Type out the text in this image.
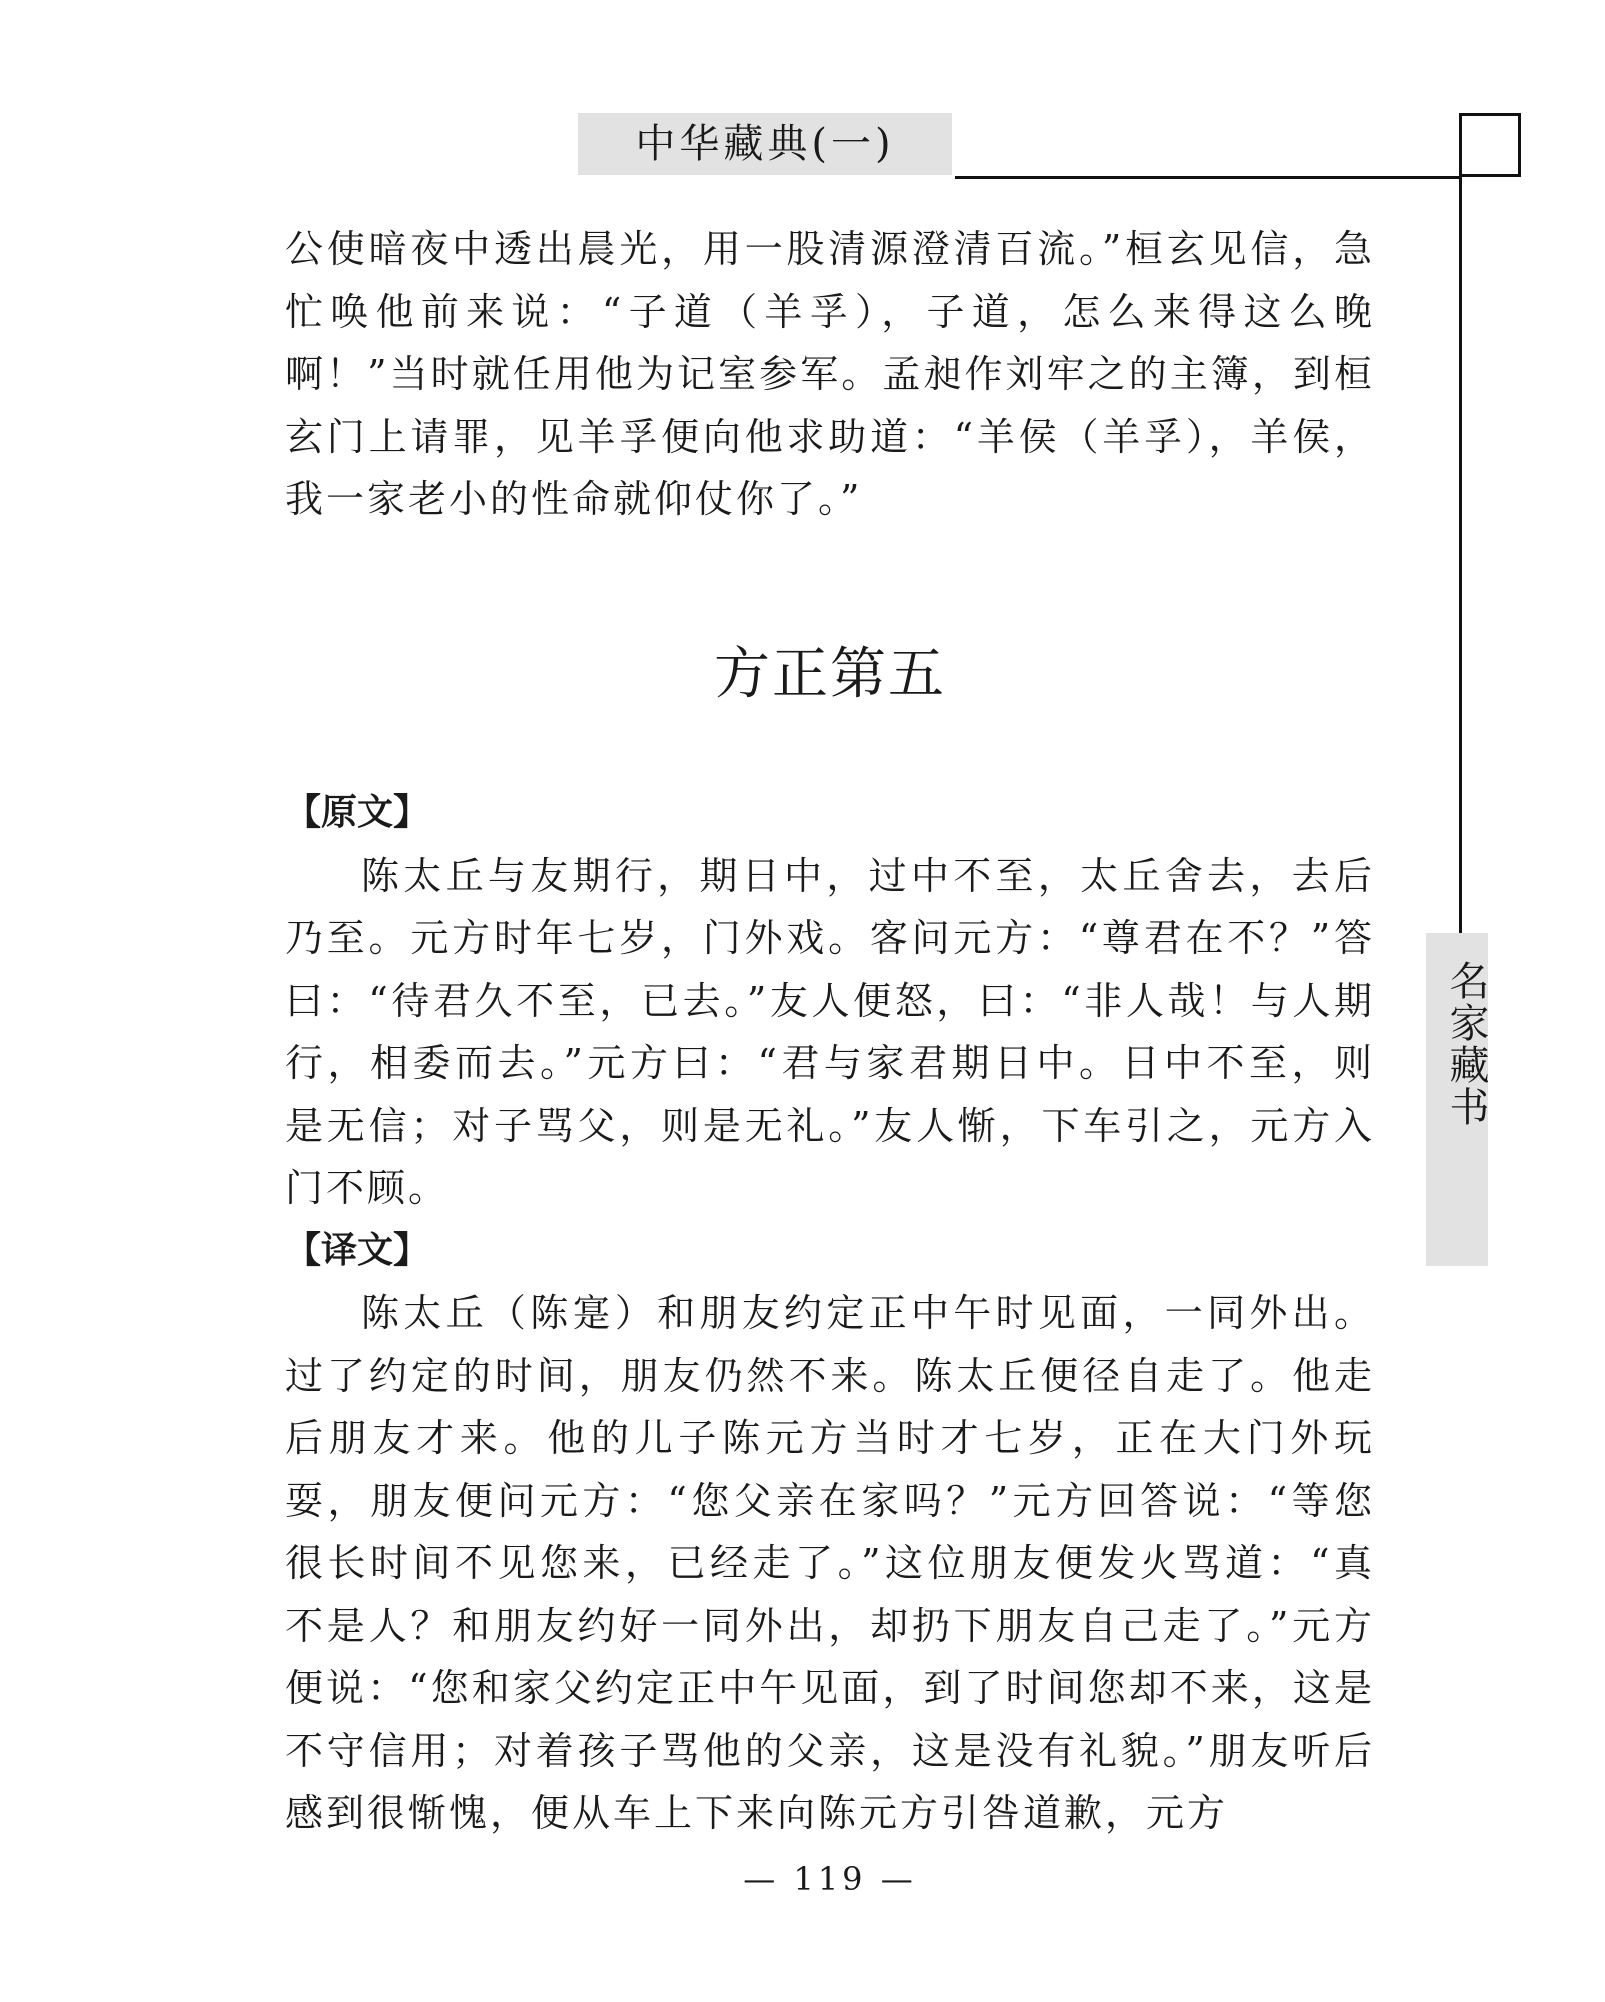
中华藏典(一)
名家藏书

公使暗夜中透出晨光，用一股清源澄清百流。”桓玄见信，急忙唤他前来说：“子道（羊孚），子道，怎么来得这么晚啊！”当时就任用他为记室参军。孟昶作刘牢之的主簿，到桓玄门上请罪，见羊孚便向他求助道：“羊侯（羊孚），羊侯，我一家老小的性命就仰仗你了。”

方正第五

【原文】

陈太丘与友期行，期日中，过中不至，太丘舍去，去后乃至。元方时年七岁，门外戏。客问元方：“尊君在不？”答曰：“待君久不至，已去。”友人便怒，曰：“非人哉！与人期行，相委而去。”元方曰：“君与家君期日中。日中不至，则是无信；对子骂父，则是无礼。”友人惭，下车引之，元方入门不顾。

【译文】

陈太丘（陈寔）和朋友约定正中午时见面，一同外出。过了约定的时间，朋友仍然不来。陈太丘便径自走了。他走后朋友才来。他的儿子陈元方当时才七岁，正在大门外玩耍，朋友便问元方：“您父亲在家吗？”元方回答说：“等您很长时间不见您来，已经走了。”这位朋友便发火骂道：“真不是人？和朋友约好一同外出，却扔下朋友自己走了。”元方便说：“您和家父约定正中午见面，到了时间您却不来，这是不守信用；对着孩子骂他的父亲，这是没有礼貌。”朋友听后感到很惭愧，便从车上下来向陈元方引咎道歉，元方

— 119 —
